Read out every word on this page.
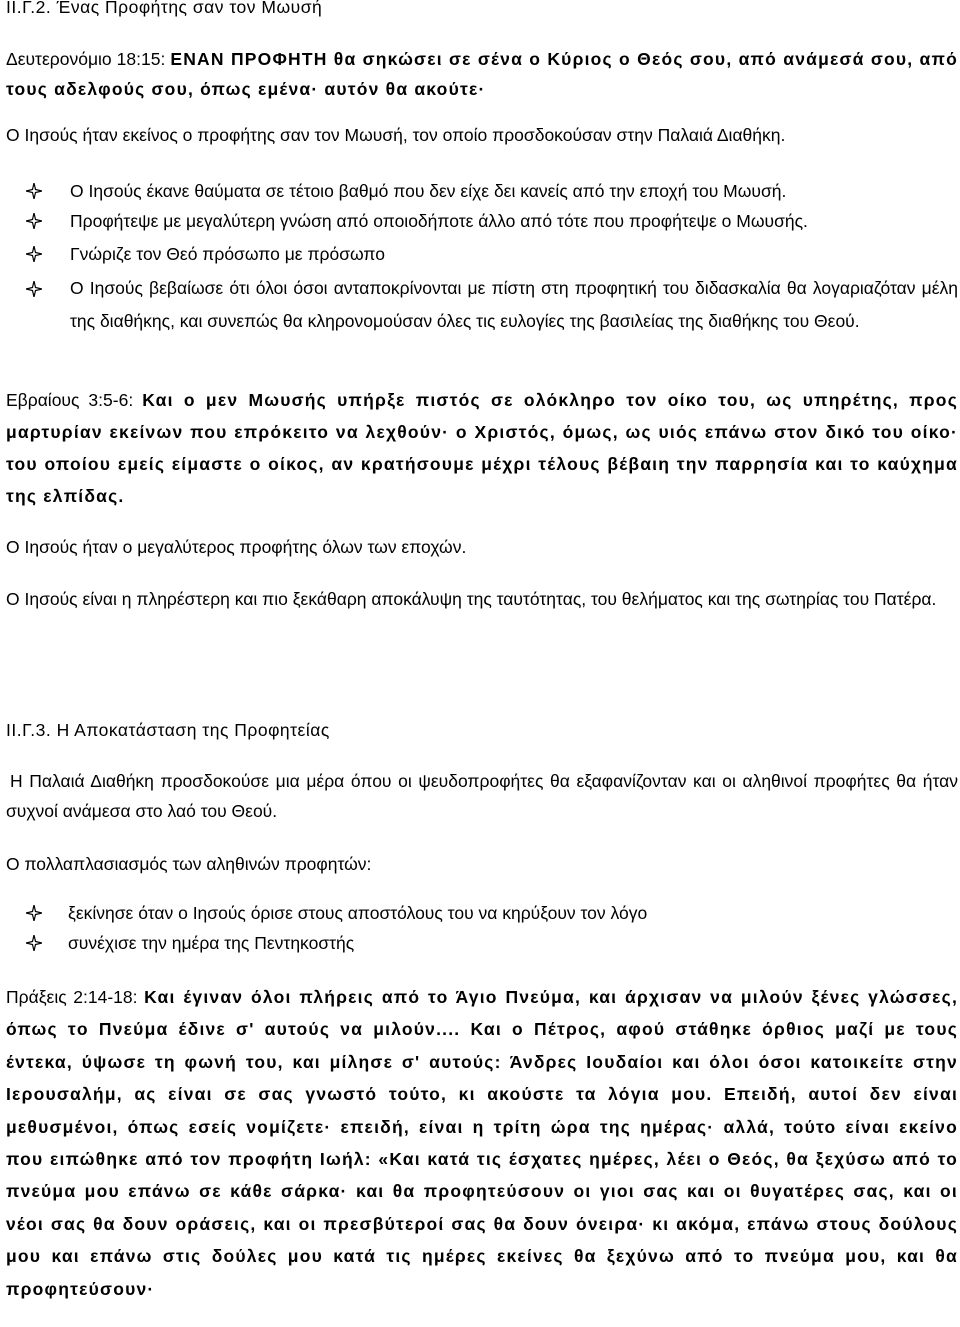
ΙΙ.Γ.2. Ένας Προφήτης σαν τον Μωυσή
Δευτερονόμιο 18:15: ΕΝΑΝ ΠΡΟΦΗΤΗ θα σηκώσει σε σένα ο Κύριος ο Θεός σου, από ανάμεσά σου, από τους αδελφούς σου, όπως εμένα· αυτόν θα ακούτε·
Ο Ιησούς ήταν εκείνος ο προφήτης σαν τον Μωυσή, τον οποίο προσδοκούσαν στην Παλαιά Διαθήκη.
Ο Ιησούς έκανε θαύματα σε τέτοιο βαθμό που δεν είχε δει κανείς από την εποχή του Μωυσή.
Προφήτεψε με μεγαλύτερη γνώση από οποιοδήποτε άλλο από τότε που προφήτεψε ο Μωυσής.
Γνώριζε τον Θεό πρόσωπο με πρόσωπο
Ο Ιησούς βεβαίωσε ότι όλοι όσοι ανταποκρίνονται με πίστη στη προφητική του διδασκαλία θα λογαριαζόταν μέλη της διαθήκης, και συνεπώς θα κληρονομούσαν όλες τις ευλογίες της βασιλείας της διαθήκης του Θεού.
Εβραίους 3:5-6: Και ο μεν Μωυσής υπήρξε πιστός σε ολόκληρο τον οίκο του, ως υπηρέτης, προς μαρτυρίαν εκείνων που επρόκειτο να λεχθούν· ο Χριστός, όμως, ως υιός επάνω στον δικό του οίκο· του οποίου εμείς είμαστε ο οίκος, αν κρατήσουμε μέχρι τέλους βέβαιη την παρρησία και το καύχημα της ελπίδας.
Ο Ιησούς ήταν ο μεγαλύτερος προφήτης όλων των εποχών.
Ο Ιησούς είναι η πληρέστερη και πιο ξεκάθαρη αποκάλυψη της ταυτότητας, του θελήματος και της σωτηρίας του Πατέρα.
ΙΙ.Γ.3. Η Αποκατάσταση της Προφητείας
Η Παλαιά Διαθήκη προσδοκούσε μια μέρα όπου οι ψευδοπροφήτες θα εξαφανίζονταν και οι αληθινοί προφήτες θα ήταν συχνοί ανάμεσα στο λαό του Θεού.
Ο πολλαπλασιασμός των αληθινών προφητών:
ξεκίνησε όταν ο Ιησούς όρισε στους αποστόλους του να κηρύξουν τον λόγο
συνέχισε την ημέρα της Πεντηκοστής
Πράξεις 2:14-18: Και έγιναν όλοι πλήρεις από το Άγιο Πνεύμα, και άρχισαν να μιλούν ξένες γλώσσες, όπως τo Πνεύμα έδινε σ' αυτούς να μιλούν.... Και ο Πέτρος, αφού στάθηκε όρθιος μαζί με τους έντεκα, ύψωσε τη φωνή του, και μίλησε σ' αυτούς: Άνδρες Ιουδαίοι και όλοι όσοι κατοικείτε στην Ιερουσαλήμ, ας είναι σε σας γνωστό τούτο, κι ακούστε τα λόγια μου. Επειδή, αυτοί δεν είναι μεθυσμένοι, όπως εσείς νομίζετε· επειδή, είναι η τρίτη ώρα της ημέρας· αλλά, τούτο είναι εκείνο που ειπώθηκε από τον προφήτη Ιωήλ: «Και κατά τις έσχατες ημέρες, λέει ο Θεός, θα ξεχύσω από το πνεύμα μου επάνω σε κάθε σάρκα· και θα προφητεύσουν οι γιοι σας και οι θυγατέρες σας, και οι νέοι σας θα δουν οράσεις, και οι πρεσβύτεροί σας θα δουν όνειρα· κι ακόμα, επάνω στους δούλους μου και επάνω στις δούλες μου κατά τις ημέρες εκείνες θα ξεχύνω από το πνεύμα μου, και θα προφητεύσουν·
